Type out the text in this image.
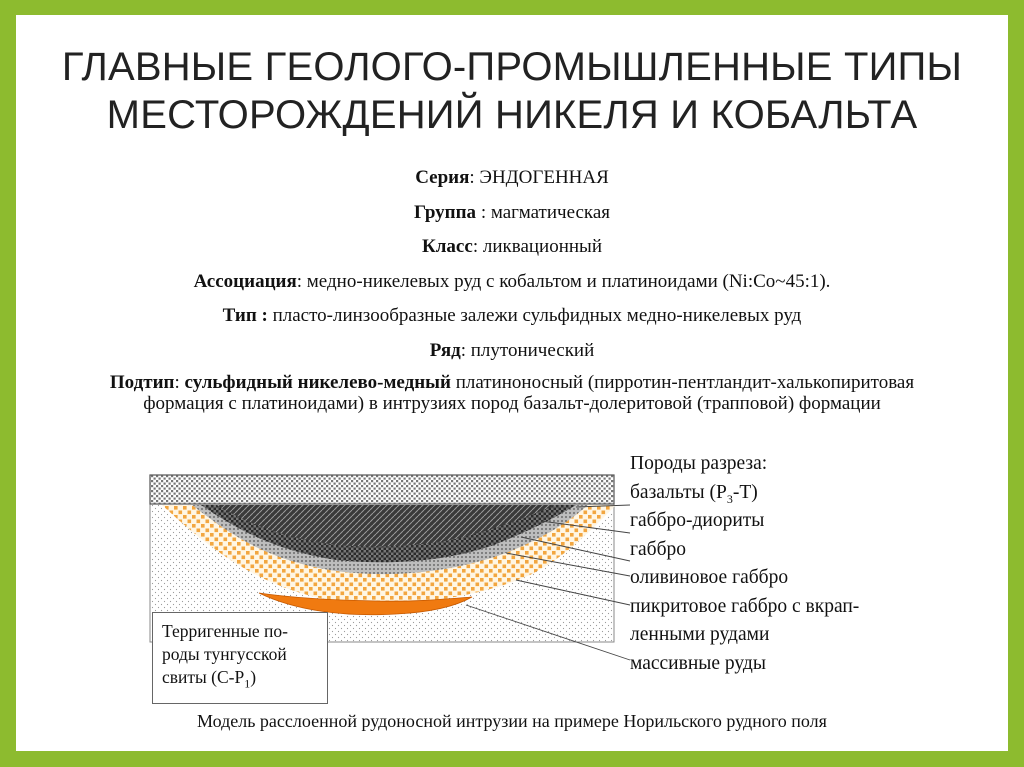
ГЛАВНЫЕ ГЕОЛОГО-ПРОМЫШЛЕННЫЕ ТИПЫ
МЕСТОРОЖДЕНИЙ НИКЕЛЯ И КОБАЛЬТА
Серия: ЭНДОГЕННАЯ
Группа : магматическая
Класс: ликвационный
Ассоциация: медно-никелевых руд с кобальтом и платиноидами (Ni:Co~45:1).
Тип : пласто-линзообразные залежи сульфидных медно-никелевых руд
Ряд: плутонический
Подтип: сульфидный никелево-медный платиноносный (пирротин-пентландит-халькопиритовая формация с платиноидами) в интрузиях пород базальт-долеритовой (трапповой) формации
Терригенные по-
роды тунгусской
свиты $(C-P_1)$
Породы разреза:
базальты $(P_3-T)$
габбро-диориты
габбро
оливиновое габбро
пикритовое габбро с вкрап-
ленными рудами
массивные руды
Модель расслоенной рудоносной интрузии на примере Норильского рудного поля
